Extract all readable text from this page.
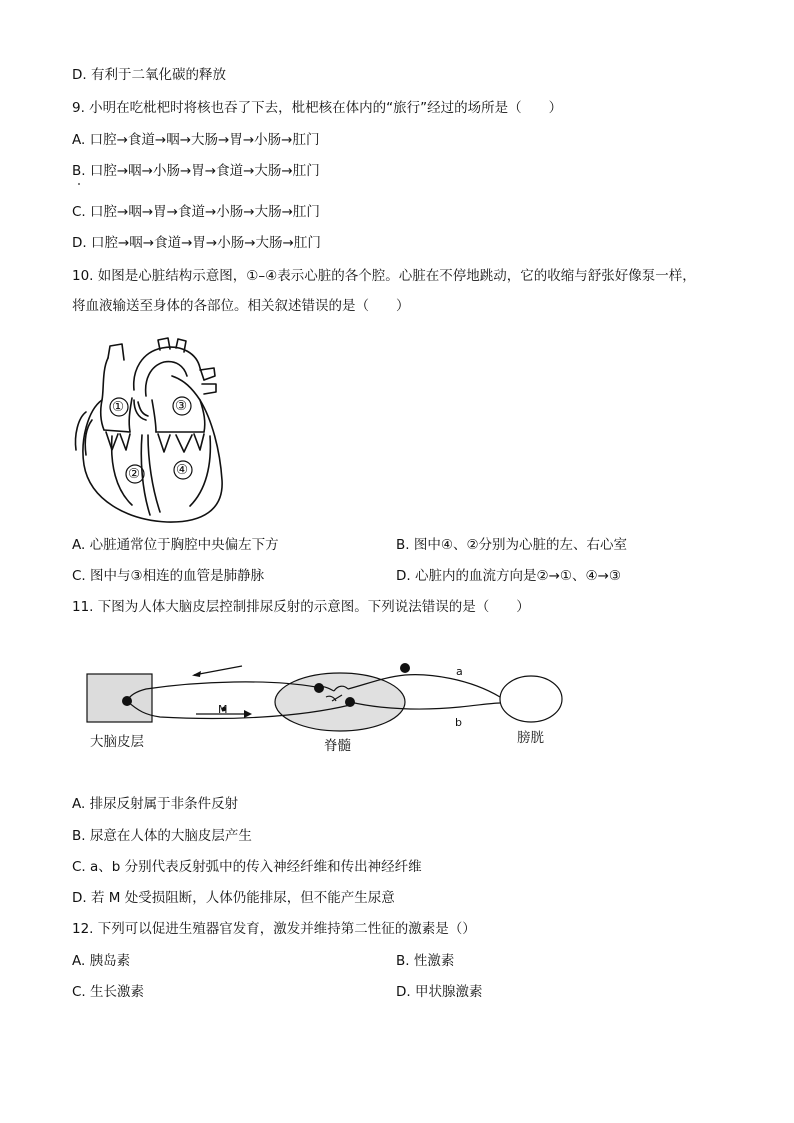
D. 有利于二氧化碳的释放
9. 小明在吃枇杷时将核也吞了下去，枇杷核在体内的“旅行”经过的场所是（　　）
A. 口腔→食道→咽→大肠→胃→小肠→肛门
B. 口腔→咽→小肠→胃→食道→大肠→肛门
C. 口腔→咽→胃→食道→小肠→大肠→肛门
D. 口腔→咽→食道→胃→小肠→大肠→肛门
10. 如图是心脏结构示意图，①–④表示心脏的各个腔。心脏在不停地跳动，它的收缩与舒张好像泵一样，
将血液输送至身体的各部位。相关叙述错误的是（　　）
①	③
②	④
A. 心脏通常位于胸腔中央偏左下方	B. 图中④、②分别为心脏的左、右心室
C. 图中与③相连的血管是肺静脉	D. 心脏内的血流方向是②→①、④→③
11. 下图为人体大脑皮层控制排尿反射的示意图。下列说法错误的是（　　）
a
b
M
大脑皮层	脊髓	膀胱
A. 排尿反射属于非条件反射
B. 尿意在人体的大脑皮层产生
C. a、b 分别代表反射弧中的传入神经纤维和传出神经纤维
D. 若 M 处受损阻断，人体仍能排尿，但不能产生尿意
12. 下列可以促进生殖器官发育，激发并维持第二性征的激素是（）
A. 胰岛素	B. 性激素
C. 生长激素	D. 甲状腺激素
